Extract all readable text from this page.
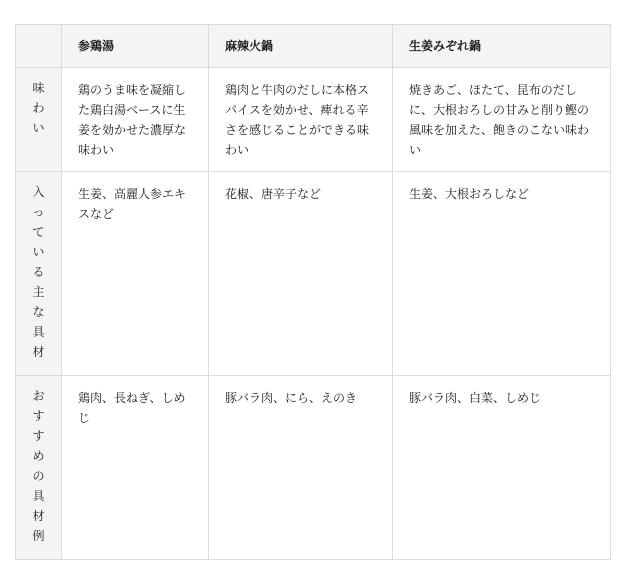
	参鶏湯	麻辣火鍋	生姜みぞれ鍋

味わい	鶏のうま味を凝縮した鶏白湯ベースに生姜を効かせた濃厚な味わい	鶏肉と牛肉のだしに本格スパイスを効かせ、痺れる辛さを感じることができる味わい	焼きあご、ほたて、昆布のだしに、大根おろしの甘みと削り鰹の風味を加えた、飽きのこない味わい

入っている主な具材	生姜、高麗人参エキスなど	花椒、唐辛子など	生姜、大根おろしなど

おすすめの具材例	鶏肉、長ねぎ、しめじ	豚バラ肉、にら、えのき	豚バラ肉、白菜、しめじ
